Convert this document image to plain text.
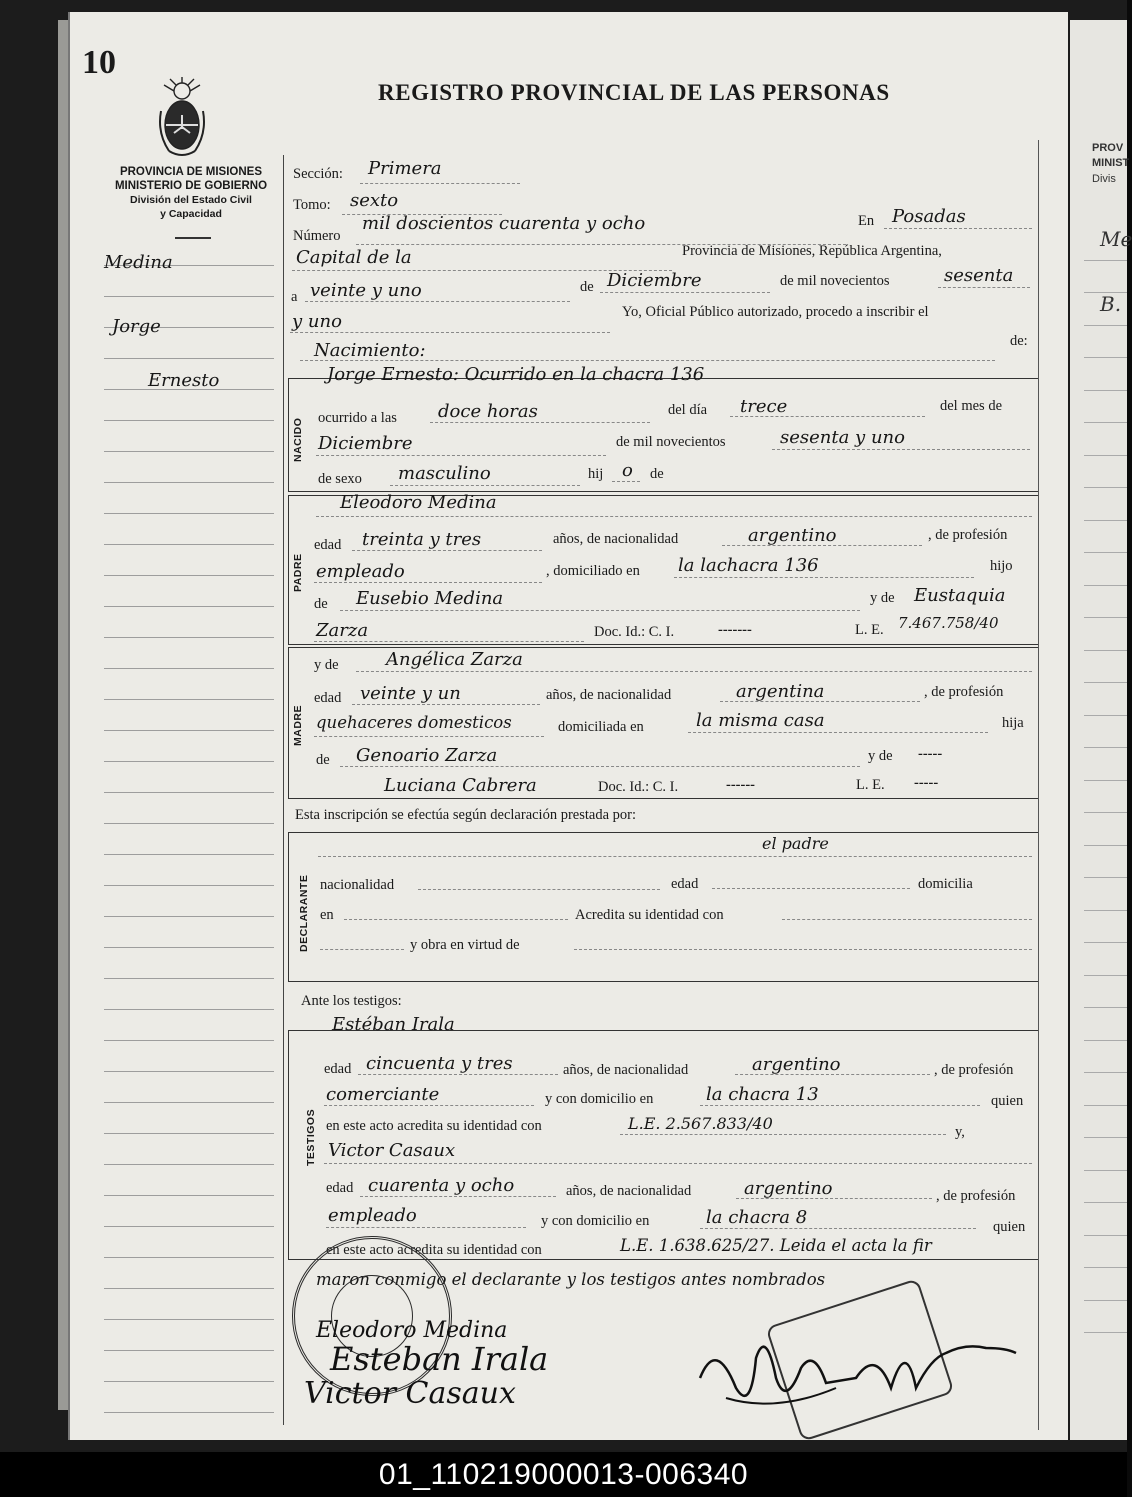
PROV
MINIST
Divis
Me
B.
10
REGISTRO PROVINCIAL DE LAS PERSONAS
PROVINCIA DE MISIONES
MINISTERIO DE GOBIERNO
División del Estado Civil
y Capacidad
Medina
Jorge
Ernesto
Sección: Primera
Tomo: sexto
Número
mil doscientos cuarenta y ocho	En Posadas
Capital de la	Provincia de Misiones, República Argentina,
a veinte y uno	de Diciembre	de mil novecientos	sesenta
y uno	Yo, Oficial Público autorizado, procedo a inscribir el
Nacimiento:	de:
NACIDO
Jorge Ernesto: Ocurrido en la chacra 136
ocurrido a las doce horas	del día trece	del mes de
Diciembre	de mil novecientos	sesenta y uno
de sexo masculino	hij o de
PADRE
Eleodoro Medina
edad treinta y tres	años, de nacionalidad	argentino	, de profesión
empleado	, domiciliado en la lachacra 136	hijo
de Eusebio Medina	y de Eustaquia
Zarza	Doc. Id.: C. I.	-------	L. E. 7.467.758/40
MADRE
y de	Angélica Zarza
edad veinte y un	años, de nacionalidad	argentina	, de profesión
quehaceres domesticos	domiciliada en	la misma casa	hija
de Genoario Zarza	y de -----
Luciana Cabrera	Doc. Id.: C. I.	------	L. E. -----
Esta inscripción se efectúa según declaración prestada por:
DECLARANTE
el padre
nacionalidad	edad	domicilia
en	Acredita su identidad con
y obra en virtud de
Ante los testigos:
TESTIGOS
Estéban Irala
edad cincuenta y tres	años, de nacionalidad	argentino	, de profesión
comerciante	y con domicilio en	la chacra 13	quien
en este acto acredita su identidad con	L.E. 2.567.833/40	y,
Victor Casaux
edad cuarenta y ocho	años, de nacionalidad	argentino	, de profesión
empleado	y con domicilio en	la chacra 8	quien
en este acto acredita su identidad con	L.E. 1.638.625/27. Leida el acta la fir
maron conmigo el declarante y los testigos antes nombrados
Eleodoro Medina
Esteban Irala
Victor Casaux
01_110219000013-006340
